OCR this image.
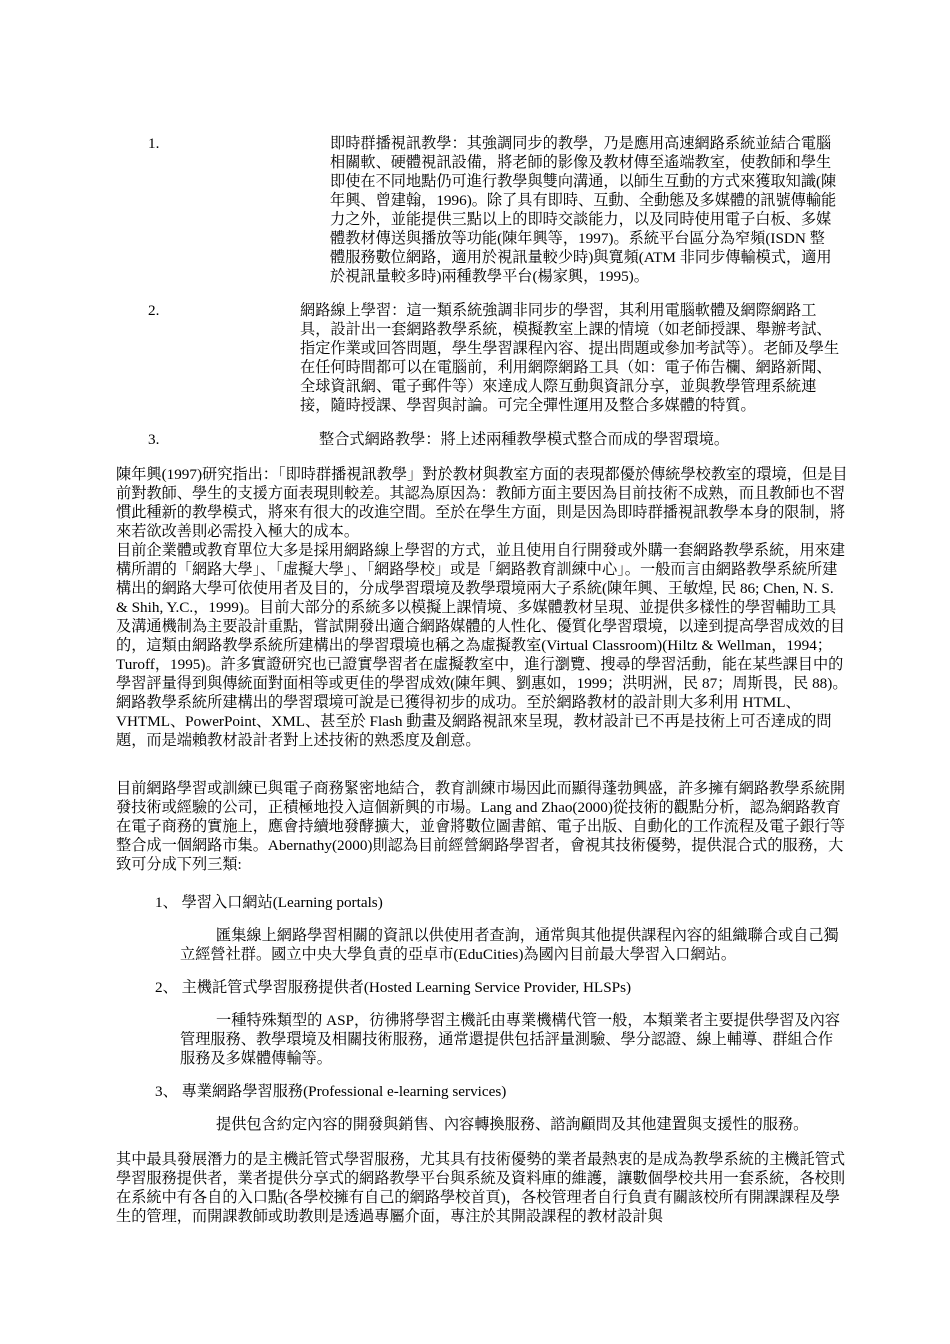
1.	即時群播視訊教學：其強調同步的教學，乃是應用高速網路系統並結合電腦相關軟、硬體視訊設備，將老師的影像及教材傳至遙端教室，使教師和學生即使在不同地點仍可進行教學與雙向溝通，以師生互動的方式來獲取知識(陳年興、曾建翰，1996)。除了具有即時、互動、全動態及多媒體的訊號傳輸能力之外，並能提供三點以上的即時交談能力，以及同時使用電子白板、多媒體教材傳送與播放等功能(陳年興等，1997)。系統平台區分為窄頻(ISDN 整體服務數位網路，適用於視訊量較少時)與寬頻(ATM 非同步傳輸模式，適用於視訊量較多時)兩種教學平台(楊家興，1995)。

2.	網路線上學習：這一類系統強調非同步的學習，其利用電腦軟體及網際網路工具，設計出一套網路教學系統，模擬教室上課的情境（如老師授課、舉辦考試、指定作業或回答問題，學生學習課程內容、提出問題或參加考試等）。老師及學生在任何時間都可以在電腦前，利用網際網路工具（如：電子佈告欄、網路新聞、全球資訊網、電子郵件等）來達成人際互動與資訊分享，並與教學管理系統連接，隨時授課、學習與討論。可完全彈性運用及整合多媒體的特質。

3.	整合式網路教學：將上述兩種教學模式整合而成的學習環境。

陳年興(1997)研究指出：「即時群播視訊教學」對於教材與教室方面的表現都優於傳統學校教室的環境，但是目前對教師、學生的支援方面表現則較差。其認為原因為：教師方面主要因為目前技術不成熟，而且教師也不習慣此種新的教學模式，將來有很大的改進空間。至於在學生方面，則是因為即時群播視訊教學本身的限制，將來若欲改善則必需投入極大的成本。

目前企業體或教育單位大多是採用網路線上學習的方式，並且使用自行開發或外購一套網路教學系統，用來建構所謂的「網路大學」、「虛擬大學」、「網路學校」或是「網路教育訓練中心」。一般而言由網路教學系統所建構出的網路大學可依使用者及目的，分成學習環境及教學環境兩大子系統(陳年興、王敏煌, 民 86; Chen, N. S. & Shih, Y.C.，1999)。目前大部分的系統多以模擬上課情境、多媒體教材呈現、並提供多樣性的學習輔助工具及溝通機制為主要設計重點，嘗試開發出適合網路媒體的人性化、優質化學習環境，以達到提高學習成效的目的，這類由網路教學系統所建構出的學習環境也稱之為虛擬教室(Virtual Classroom)(Hiltz & Wellman，1994；Turoff，1995)。許多實證研究也已證實學習者在虛擬教室中，進行瀏覽、搜尋的學習活動，能在某些課目中的學習評量得到與傳統面對面相等或更佳的學習成效(陳年興、劉惠如，1999；洪明洲，民 87；周斯畏，民 88)。網路教學系統所建構出的學習環境可說是已獲得初步的成功。至於網路教材的設計則大多利用 HTML、VHTML、PowerPoint、XML、甚至於 Flash 動畫及網路視訊來呈現，教材設計已不再是技術上可否達成的問題，而是端賴教材設計者對上述技術的熟悉度及創意。

目前網路學習或訓練已與電子商務緊密地結合，教育訓練市場因此而顯得蓬勃興盛，許多擁有網路教學系統開發技術或經驗的公司，正積極地投入這個新興的市場。Lang and Zhao(2000)從技術的觀點分析，認為網路教育在電子商務的實施上，應會持續地發酵擴大，並會將數位圖書館、電子出版、自動化的工作流程及電子銀行等整合成一個網路市集。Abernathy(2000)則認為目前經營網路學習者，會視其技術優勢，提供混合式的服務，大致可分成下列三類:

1、 學習入口網站(Learning portals)

匯集線上網路學習相關的資訊以供使用者查詢，通常與其他提供課程內容的組織聯合或自己獨立經營社群。國立中央大學負責的亞卓市(EduCities)為國內目前最大學習入口網站。

2、 主機託管式學習服務提供者(Hosted Learning Service Provider, HLSPs)

一種特殊類型的 ASP，彷彿將學習主機託由專業機構代管一般，本類業者主要提供學習及內容管理服務、教學環境及相關技術服務，通常還提供包括評量測驗、學分認證、線上輔導、群組合作服務及多媒體傳輸等。

3、 專業網路學習服務(Professional e-learning services)

提供包含約定內容的開發與銷售、內容轉換服務、諮詢顧問及其他建置與支援性的服務。

其中最具發展潛力的是主機託管式學習服務，尤其具有技術優勢的業者最熱衷的是成為教學系統的主機託管式學習服務提供者，業者提供分享式的網路教學平台與系統及資料庫的維護，讓數個學校共用一套系統，各校則在系統中有各自的入口點(各學校擁有自己的網路學校首頁)，各校管理者自行負責有關該校所有開課課程及學生的管理，而開課教師或助教則是透過專屬介面，專注於其開設課程的教材設計與
